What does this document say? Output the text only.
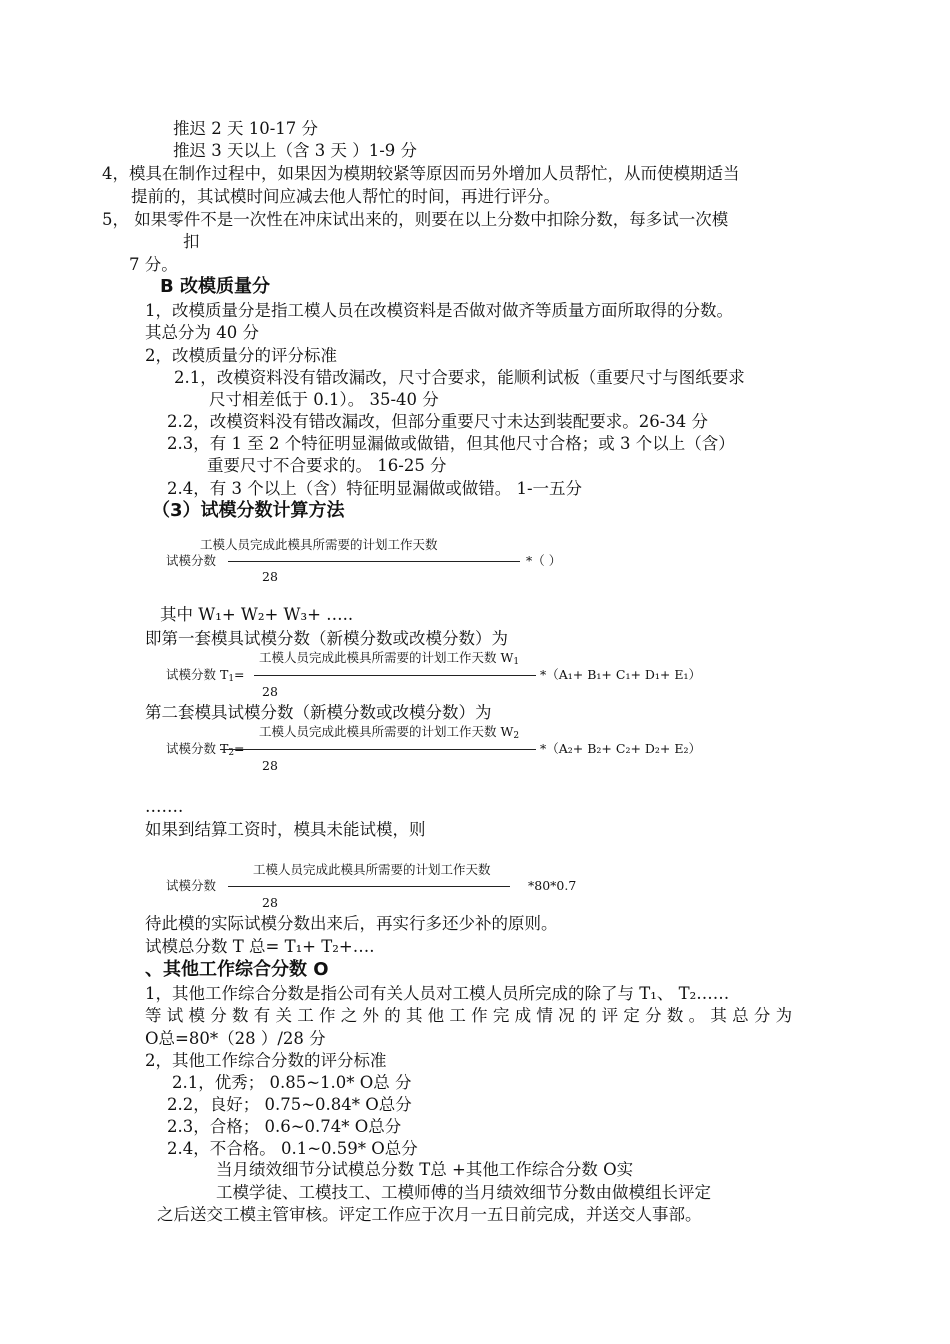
推迟 2 天 10-17 分
推迟 3 天以上（含 3 天 ）1-9 分
4，模具在制作过程中，如果因为模期较紧等原因而另外增加人员帮忙，从而使模期适当
提前的，其试模时间应减去他人帮忙的时间，再进行评分。
5， 如果零件不是一次性在冲床试出来的，则要在以上分数中扣除分数，每多试一次模
扣
7 分。
B 改模质量分
1，改模质量分是指工模人员在改模资料是否做对做齐等质量方面所取得的分数。
其总分为 40 分
2，改模质量分的评分标准
2.1，改模资料没有错改漏改，尺寸合要求，能顺利试板（重要尺寸与图纸要求
尺寸相差低于 0.1）。 35-40 分
2.2，改模资料没有错改漏改，但部分重要尺寸未达到装配要求。26-34 分
2.3，有 1 至 2 个特征明显漏做或做错，但其他尺寸合格；或 3 个以上（含）
重要尺寸不合要求的。 16-25 分
2.4，有 3 个以上（含）特征明显漏做或做错。 1-一五分
（3）试模分数计算方法
工模人员完成此模具所需要的计划工作天数
试模分数	*（ ）
28
其中 W₁+ W₂+ W₃+ …..
即第一套模具试模分数（新模分数或改模分数）为
工模人员完成此模具所需要的计划工作天数 $W_1$
试模分数 $T_1=$	*（A₁+ B₁+ C₁+ D₁+ E₁）
28
第二套模具试模分数（新模分数或改模分数）为
工模人员完成此模具所需要的计划工作天数 $W_2$
试模分数 $T_2=$	*（A₂+ B₂+ C₂+ D₂+ E₂）
28
…….
如果到结算工资时，模具未能试模，则
工模人员完成此模具所需要的计划工作天数
试模分数	*80*0.7
28
待此模的实际试模分数出来后，再实行多还少补的原则。
试模总分数 T 总= T₁+ T₂+….
、其他工作综合分数 O
1，其他工作综合分数是指公司有关人员对工模人员所完成的除了与 T₁、 T₂……
等 试 模 分 数 有 关 工 作 之 外 的 其 他 工 作 完 成 情 况 的 评 定 分 数 。 其 总 分 为
O总=80*（28 ）/28 分
2，其他工作综合分数的评分标准
2.1，优秀； 0.85~1.0* O总 分
2.2，良好； 0.75~0.84* O总分
2.3，合格； 0.6~0.74* O总分
2.4，不合格。 0.1~0.59* O总分
当月绩效细节分试模总分数 T总 +其他工作综合分数 O实
工模学徒、工模技工、工模师傅的当月绩效细节分数由做模组长评定
之后送交工模主管审核。评定工作应于次月一五日前完成，并送交人事部。
